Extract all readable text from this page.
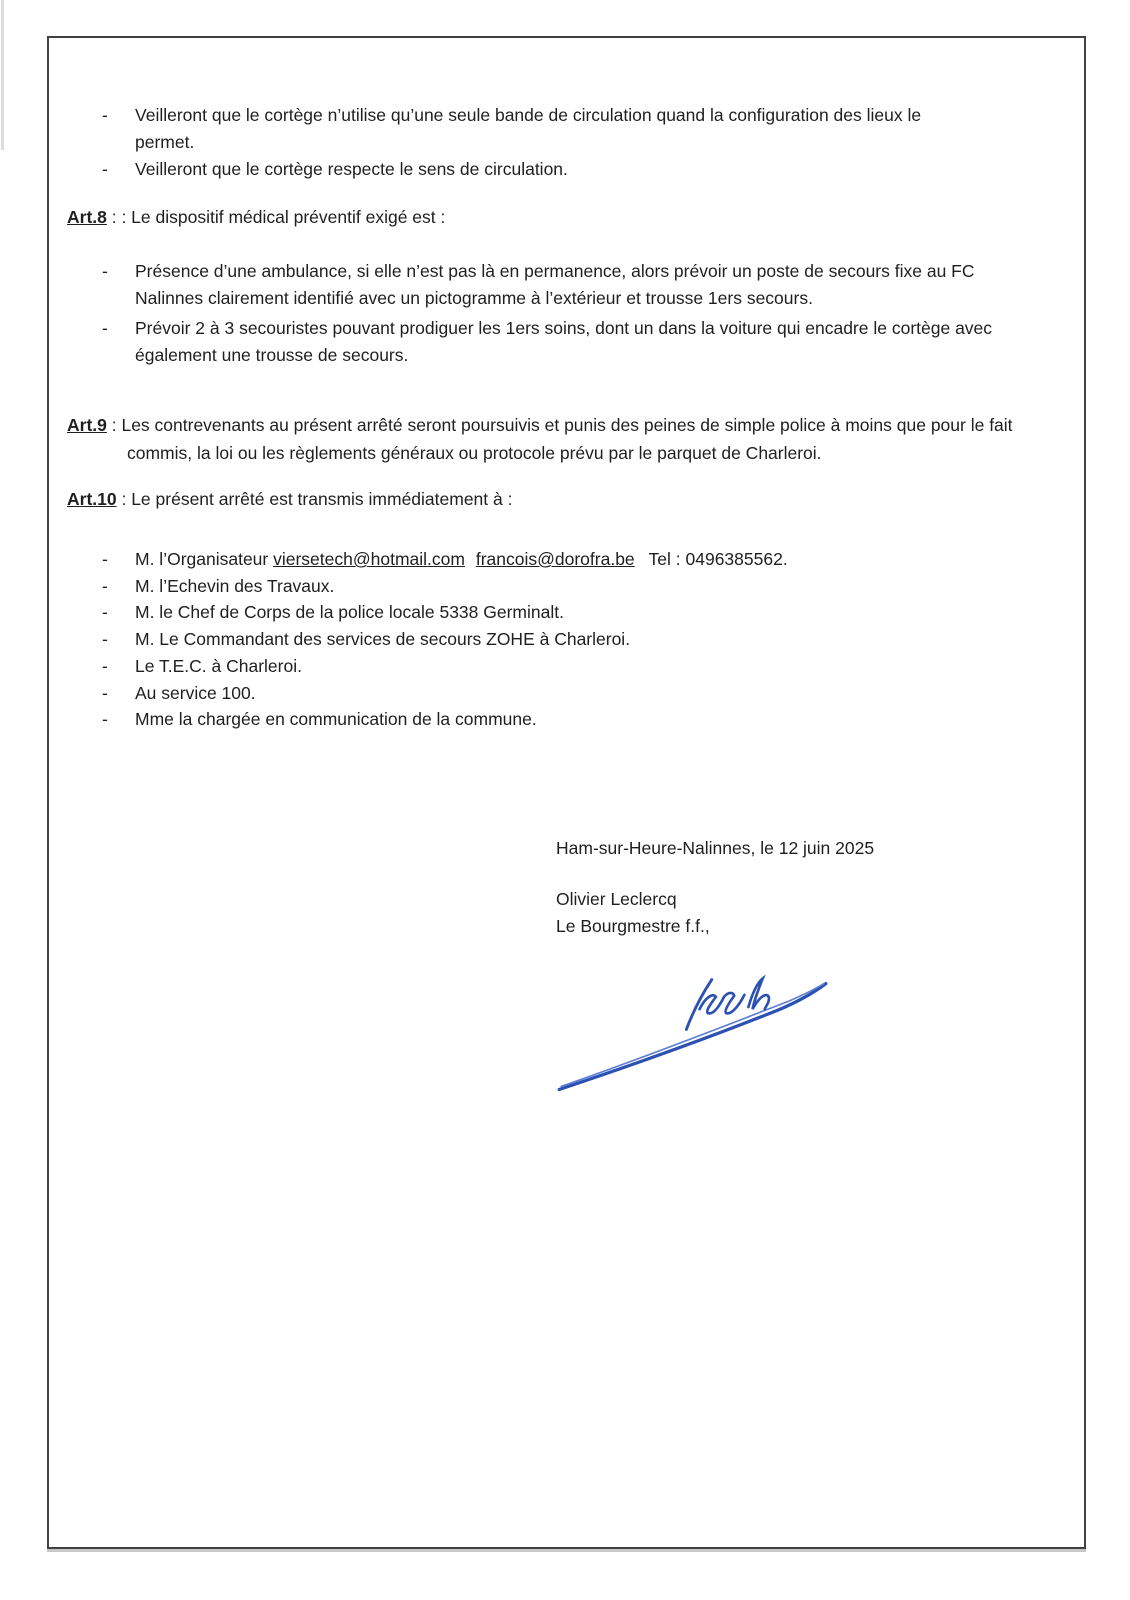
- Veilleront que le cortège n’utilise qu’une seule bande de circulation quand la configuration des lieux le permet.
- Veilleront que le cortège respecte le sens de circulation.

Art.8 : : Le dispositif médical préventif exigé est :

- Présence d’une ambulance, si elle n’est pas là en permanence, alors prévoir un poste de secours fixe au FC Nalinnes clairement identifié avec un pictogramme à l’extérieur et trousse 1ers secours.
- Prévoir 2 à 3 secouristes pouvant prodiguer les 1ers soins, dont un dans la voiture qui encadre le cortège avec également une trousse de secours.

Art.9 : Les contrevenants au présent arrêté seront poursuivis et punis des peines de simple police à moins que pour le fait commis, la loi ou les règlements généraux ou protocole prévu par le parquet de Charleroi.

Art.10 : Le présent arrêté est transmis immédiatement à :

- M. l’Organisateur viersetech@hotmail.com francois@dorofra.be Tel : 0496385562.
- M. l’Echevin des Travaux.
- M. le Chef de Corps de la police locale 5338 Germinalt.
- M. Le Commandant des services de secours ZOHE à Charleroi.
- Le T.E.C. à Charleroi.
- Au service 100.
- Mme la chargée en communication de la commune.
Ham-sur-Heure-Nalinnes, le 12 juin 2025
Olivier Leclercq
Le Bourgmestre f.f.,
